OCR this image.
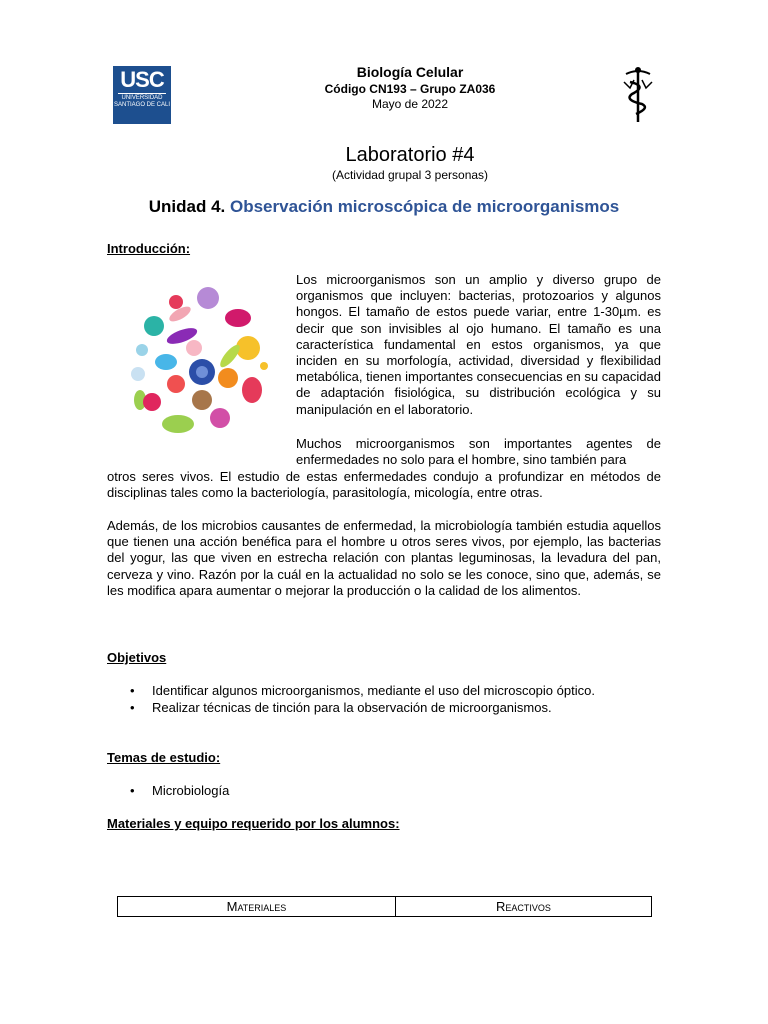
USC
UNIVERSIDAD SANTIAGO DE CALI
Biología Celular
Código CN193 – Grupo ZA036
Mayo de 2022
Laboratorio #4
(Actividad grupal 3 personas)
Unidad 4. Observación microscópica de microorganismos
Introducción:
Los microorganismos son un amplio y diverso grupo de organismos que incluyen: bacterias, protozoarios y algunos hongos. El tamaño de estos puede variar, entre 1-30µm. es decir que son invisibles al ojo humano. El tamaño es una característica fundamental en estos organismos, ya que inciden en su morfología, actividad, diversidad y flexibilidad metabólica, tienen importantes consecuencias en su capacidad de adaptación fisiológica, su distribución ecológica y su manipulación en el laboratorio.
Muchos microorganismos son importantes agentes de enfermedades no solo para el hombre, sino también para
otros seres vivos. El estudio de estas enfermedades condujo a profundizar en métodos de disciplinas tales como la bacteriología, parasitología, micología, entre otras.
Además, de los microbios causantes de enfermedad, la microbiología también estudia aquellos que tienen una acción benéfica para el hombre u otros seres vivos, por ejemplo, las bacterias del yogur, las que viven en estrecha relación con plantas leguminosas, la levadura del pan, cerveza y vino. Razón por la cuál en la actualidad no solo se les conoce, sino que, además, se les modifica apara aumentar o mejorar la producción o la calidad de los alimentos.
Objetivos
• Identificar algunos microorganismos, mediante el uso del microscopio óptico.
• Realizar técnicas de tinción para la observación de microorganismos.
Temas de estudio:
• Microbiología
Materiales y equipo requerido por los alumnos:
Materiales	Reactivos
